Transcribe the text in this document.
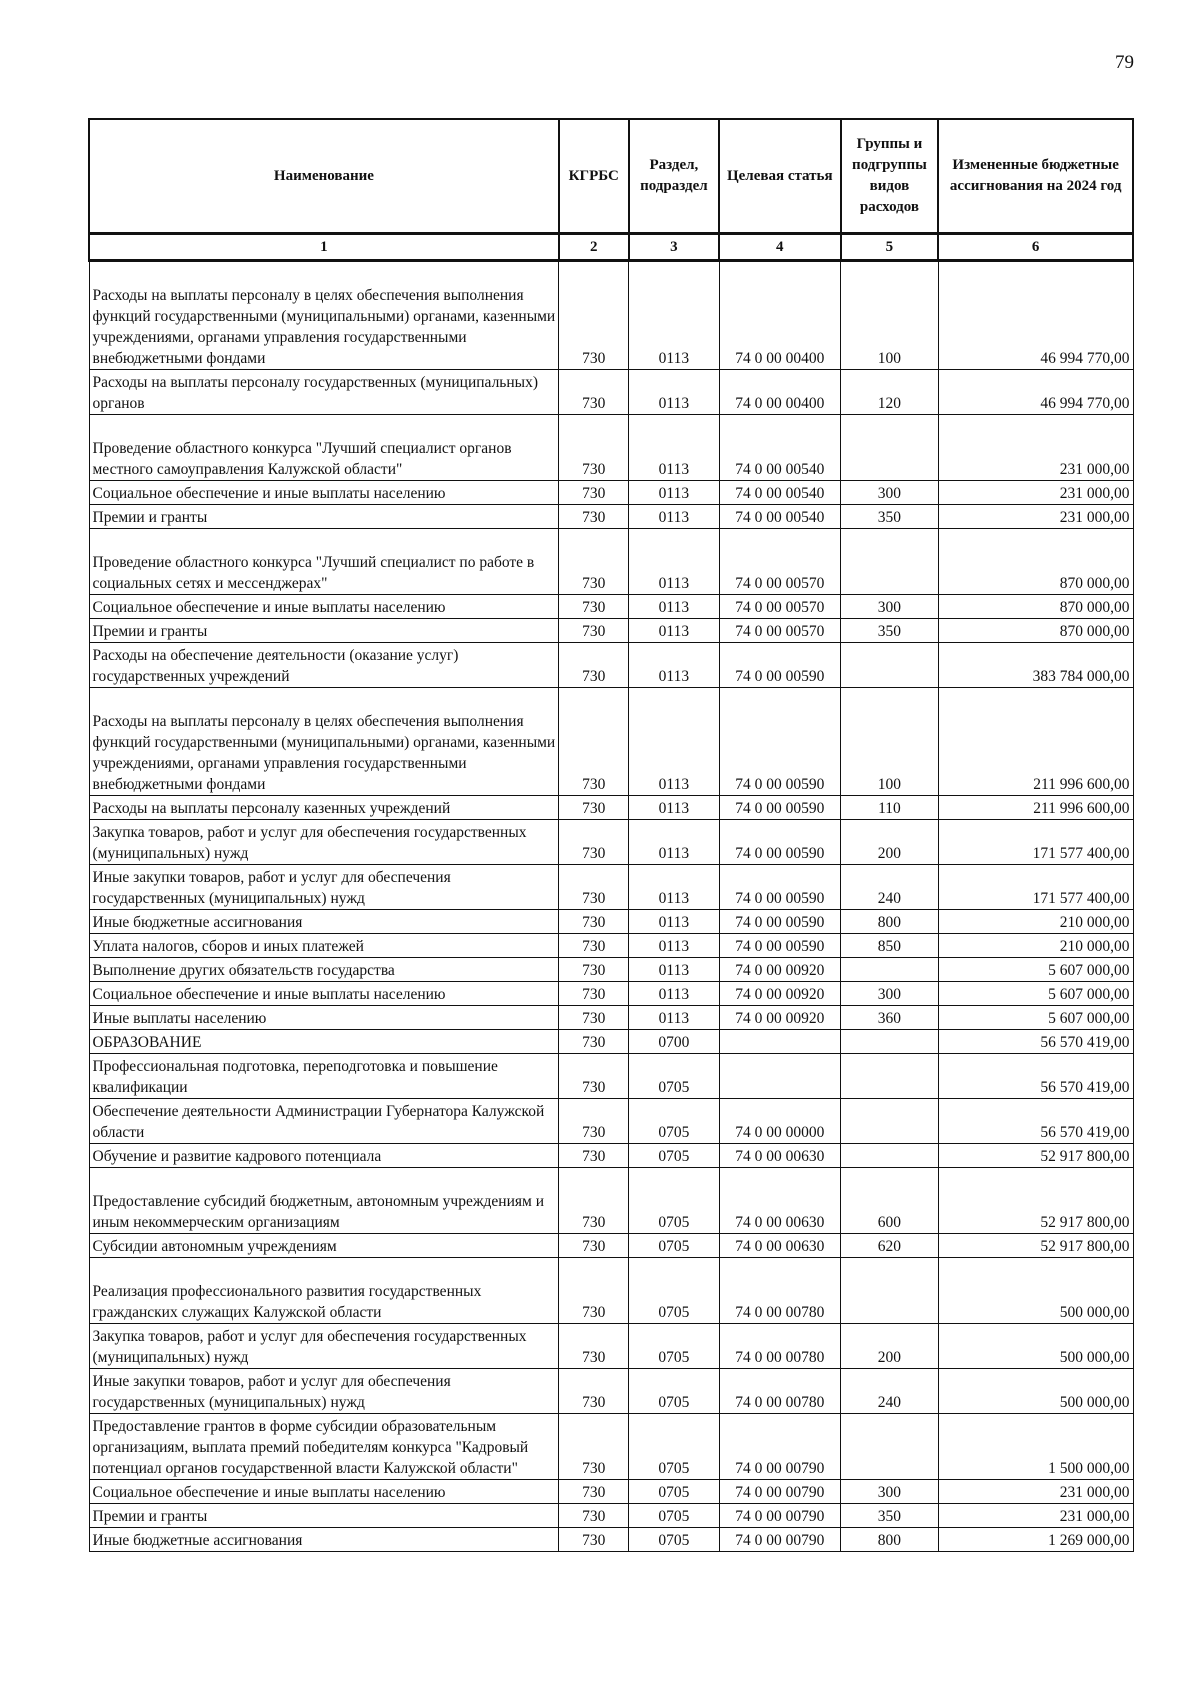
79
Наименование	КГРБС	Раздел, подраздел	Целевая статья	Группы и подгруппы видов расходов	Измененные бюджетные ассигнования на 2024 год
1	2	3	4	5	6
Расходы на выплаты персоналу в целях обеспечения выполнения функций государственными (муниципальными) органами, казенными учреждениями, органами управления государственными внебюджетными фондами	730	0113	74 0 00 00400	100	46 994 770,00
Расходы на выплаты персоналу государственных (муниципальных) органов	730	0113	74 0 00 00400	120	46 994 770,00
Проведение областного конкурса "Лучший специалист органов местного самоуправления Калужской области"	730	0113	74 0 00 00540		231 000,00
Социальное обеспечение и иные выплаты населению	730	0113	74 0 00 00540	300	231 000,00
Премии и гранты	730	0113	74 0 00 00540	350	231 000,00
Проведение областного конкурса "Лучший специалист по работе в социальных сетях и мессенджерах"	730	0113	74 0 00 00570		870 000,00
Социальное обеспечение и иные выплаты населению	730	0113	74 0 00 00570	300	870 000,00
Премии и гранты	730	0113	74 0 00 00570	350	870 000,00
Расходы на обеспечение деятельности (оказание услуг) государственных учреждений	730	0113	74 0 00 00590		383 784 000,00
Расходы на выплаты персоналу в целях обеспечения выполнения функций государственными (муниципальными) органами, казенными учреждениями, органами управления государственными внебюджетными фондами	730	0113	74 0 00 00590	100	211 996 600,00
Расходы на выплаты персоналу казенных учреждений	730	0113	74 0 00 00590	110	211 996 600,00
Закупка товаров, работ и услуг для обеспечения государственных (муниципальных) нужд	730	0113	74 0 00 00590	200	171 577 400,00
Иные закупки товаров, работ и услуг для обеспечения государственных (муниципальных) нужд	730	0113	74 0 00 00590	240	171 577 400,00
Иные бюджетные ассигнования	730	0113	74 0 00 00590	800	210 000,00
Уплата налогов, сборов и иных платежей	730	0113	74 0 00 00590	850	210 000,00
Выполнение других обязательств государства	730	0113	74 0 00 00920		5 607 000,00
Социальное обеспечение и иные выплаты населению	730	0113	74 0 00 00920	300	5 607 000,00
Иные выплаты населению	730	0113	74 0 00 00920	360	5 607 000,00
ОБРАЗОВАНИЕ	730	0700			56 570 419,00
Профессиональная подготовка, переподготовка и повышение квалификации	730	0705			56 570 419,00
Обеспечение деятельности Администрации Губернатора Калужской области	730	0705	74 0 00 00000		56 570 419,00
Обучение и развитие кадрового потенциала	730	0705	74 0 00 00630		52 917 800,00
Предоставление субсидий бюджетным, автономным учреждениям и иным некоммерческим организациям	730	0705	74 0 00 00630	600	52 917 800,00
Субсидии автономным учреждениям	730	0705	74 0 00 00630	620	52 917 800,00
Реализация профессионального развития государственных гражданских служащих Калужской области	730	0705	74 0 00 00780		500 000,00
Закупка товаров, работ и услуг для обеспечения государственных (муниципальных) нужд	730	0705	74 0 00 00780	200	500 000,00
Иные закупки товаров, работ и услуг для обеспечения государственных (муниципальных) нужд	730	0705	74 0 00 00780	240	500 000,00
Предоставление грантов в форме субсидии образовательным организациям, выплата премий победителям конкурса "Кадровый потенциал органов государственной власти Калужской области"	730	0705	74 0 00 00790		1 500 000,00
Социальное обеспечение и иные выплаты населению	730	0705	74 0 00 00790	300	231 000,00
Премии и гранты	730	0705	74 0 00 00790	350	231 000,00
Иные бюджетные ассигнования	730	0705	74 0 00 00790	800	1 269 000,00
